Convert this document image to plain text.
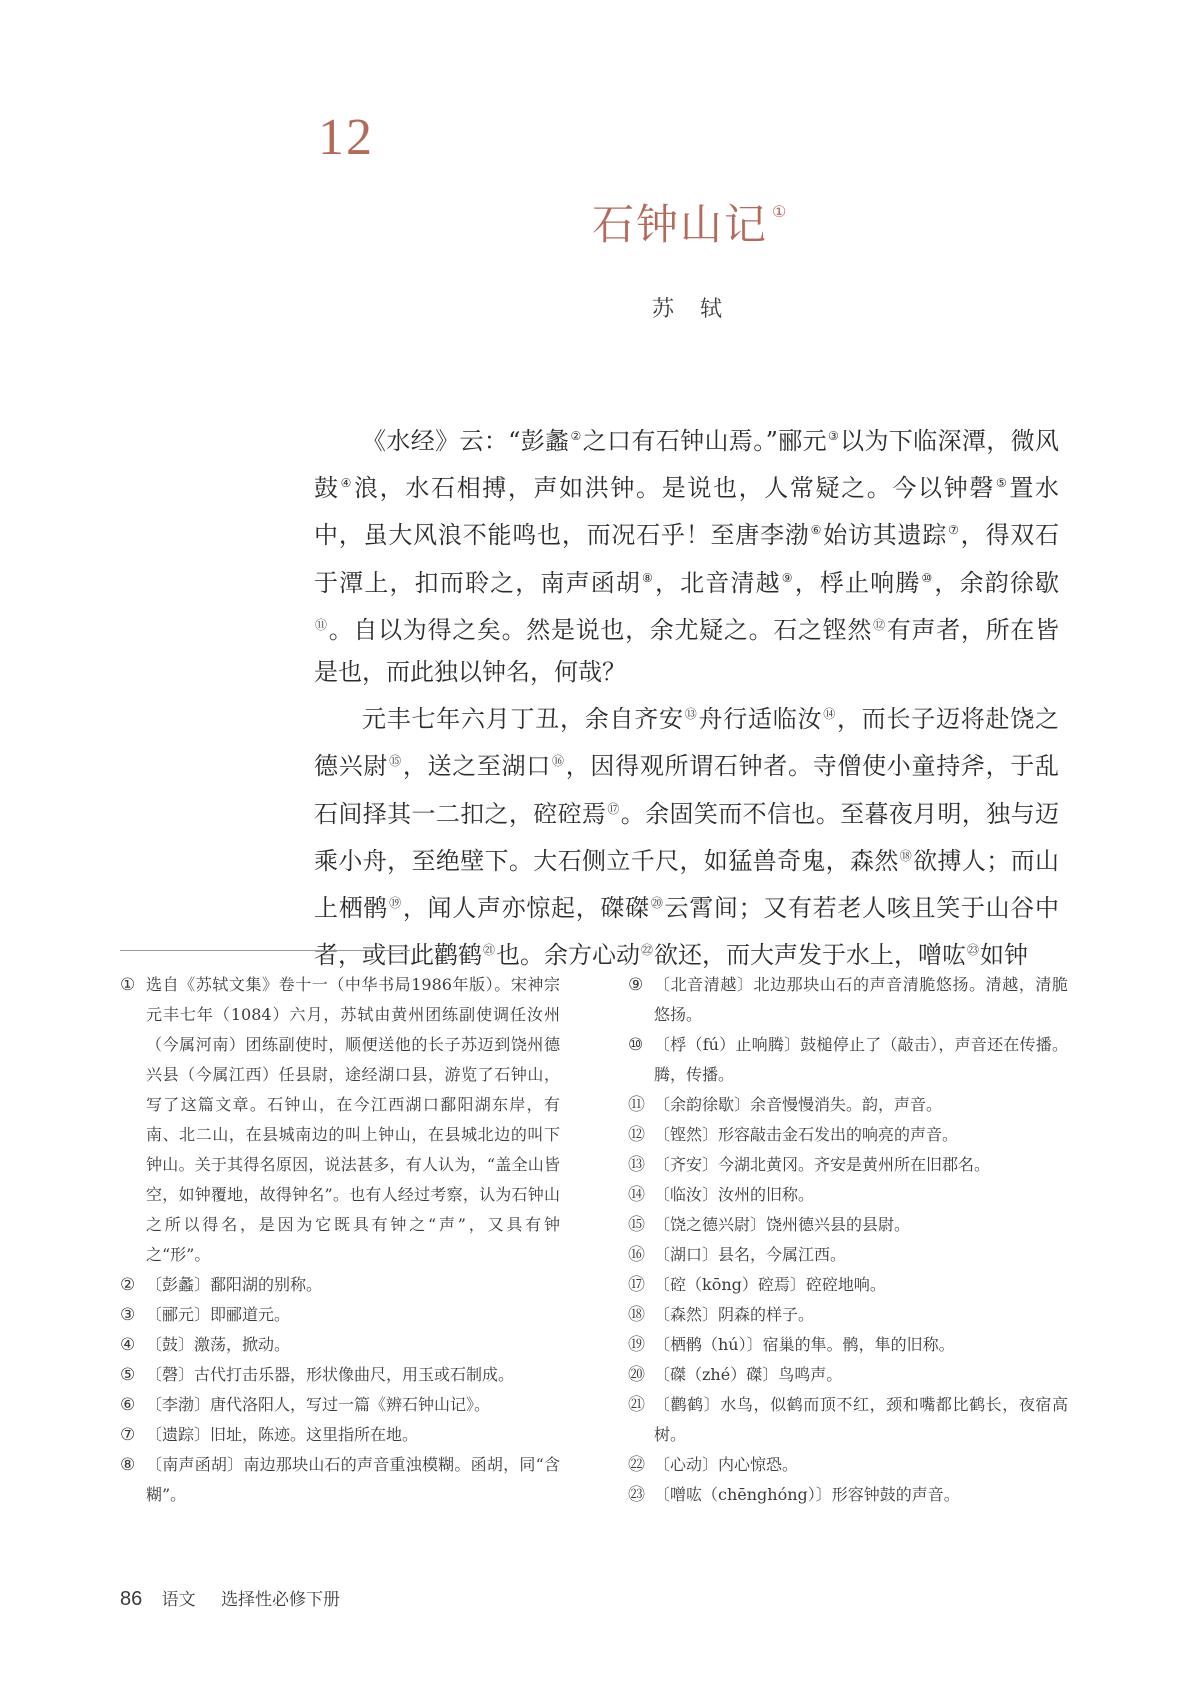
12
石钟山记 ①
苏轼

《水经》云：“彭蠡②之口有石钟山焉。”郦元③以为下临深潭，微风鼓④浪，水石相搏，声如洪钟。是说也，人常疑之。今以钟磬⑤置水中，虽大风浪不能鸣也，而况石乎！至唐李渤⑥始访其遗踪⑦，得双石于潭上，扣而聆之，南声函胡⑧，北音清越⑨，桴止响腾⑩，余韵徐歇⑪。自以为得之矣。然是说也，余尤疑之。石之铿然⑫有声者，所在皆是也，而此独以钟名，何哉？

元丰七年六月丁丑，余自齐安⑬舟行适临汝⑭，而长子迈将赴饶之德兴尉⑮，送之至湖口⑯，因得观所谓石钟者。寺僧使小童持斧，于乱石间择其一二扣之，硿硿焉⑰。余固笑而不信也。至暮夜月明，独与迈乘小舟，至绝壁下。大石侧立千尺，如猛兽奇鬼，森然⑱欲搏人；而山上栖鹘⑲，闻人声亦惊起，磔磔⑳云霄间；又有若老人咳且笑于山谷中者，或曰此鹳鹤$^㉑$也。余方心动$^㉒$欲还，而大声发于水上，噌吰$^㉓$如钟

① 选自《苏轼文集》卷十一（中华书局1986年版）。宋神宗元丰七年（1084）六月，苏轼由黄州团练副使调任汝州（今属河南）团练副使时，顺便送他的长子苏迈到饶州德兴县（今属江西）任县尉，途经湖口县，游览了石钟山，写了这篇文章。石钟山，在今江西湖口鄱阳湖东岸，有南、北二山，在县城南边的叫上钟山，在县城北边的叫下钟山。关于其得名原因，说法甚多，有人认为，“盖全山皆空，如钟覆地，故得钟名”。也有人经过考察，认为石钟山之所以得名，是因为它既具有钟之“声”，又具有钟之“形”。
② 〔彭蠡〕鄱阳湖的别称。
③ 〔郦元〕即郦道元。
④ 〔鼓〕激荡，掀动。
⑤ 〔磬〕古代打击乐器，形状像曲尺，用玉或石制成。
⑥ 〔李渤〕唐代洛阳人，写过一篇《辨石钟山记》。
⑦ 〔遗踪〕旧址，陈迹。这里指所在地。
⑧ 〔南声函胡〕南边那块山石的声音重浊模糊。函胡，同“含糊”。
⑨ 〔北音清越〕北边那块山石的声音清脆悠扬。清越，清脆悠扬。
⑩ 〔桴（fú）止响腾〕鼓槌停止了（敲击），声音还在传播。腾，传播。
⑪ 〔余韵徐歇〕余音慢慢消失。韵，声音。
⑫ 〔铿然〕形容敲击金石发出的响亮的声音。
⑬ 〔齐安〕今湖北黄冈。齐安是黄州所在旧郡名。
⑭ 〔临汝〕汝州的旧称。
⑮ 〔饶之德兴尉〕饶州德兴县的县尉。
⑯ 〔湖口〕县名，今属江西。
⑰ 〔硿（kōng）硿焉〕硿硿地响。
⑱ 〔森然〕阴森的样子。
⑲ 〔栖鹘（hú）〕宿巢的隼。鹘，隼的旧称。
⑳ 〔磔（zhé）磔〕鸟鸣声。
㉑ 〔鹳鹤〕水鸟，似鹤而顶不红，颈和嘴都比鹤长，夜宿高树。
㉒ 〔心动〕内心惊恐。
㉓ 〔噌吰（chēnghóng）〕形容钟鼓的声音。
86 语文 选择性必修下册
